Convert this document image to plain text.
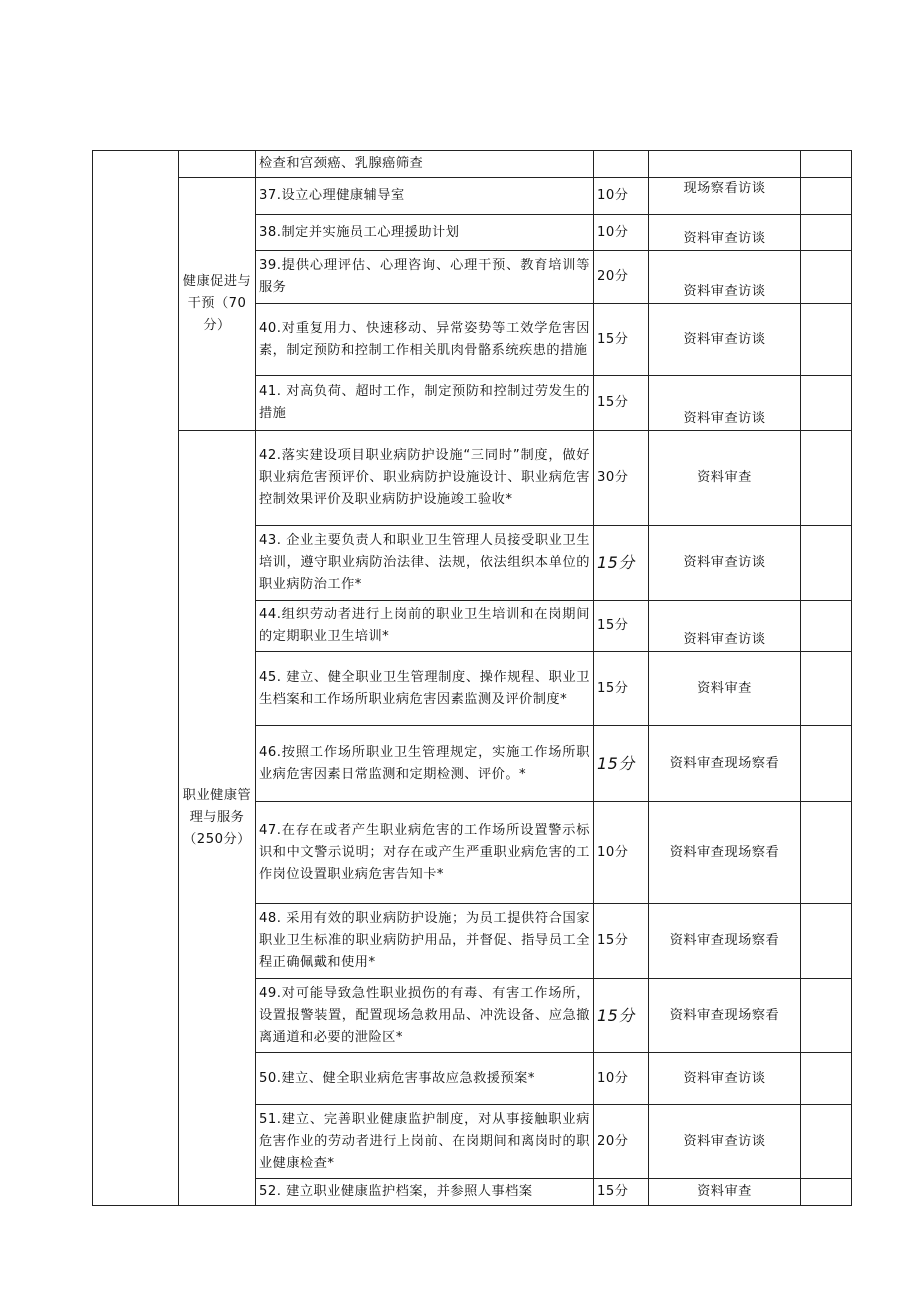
		检查和宫颈癌、乳腺癌筛查			
	健康促进与干预（70分）	37.设立心理健康辅导室	10分	现场察看访谈	
		38.制定并实施员工心理援助计划	10分	资料审查访谈	
		39.提供心理评估、心理咨询、心理干预、教育培训等服务	20分	资料审查访谈	
		40.对重复用力、快速移动、异常姿势等工效学危害因素，制定预防和控制工作相关肌肉骨骼系统疾患的措施	15分	资料审查访谈	
		41. 对高负荷、超时工作，制定预防和控制过劳发生的措施	15分	资料审查访谈	
	职业健康管理与服务（250分）	42.落实建设项目职业病防护设施“三同时”制度，做好职业病危害预评价、职业病防护设施设计、职业病危害控制效果评价及职业病防护设施竣工验收*	30分	资料审查	
		43. 企业主要负责人和职业卫生管理人员接受职业卫生培训，遵守职业病防治法律、法规，依法组织本单位的职业病防治工作*	15分	资料审查访谈	
		44.组织劳动者进行上岗前的职业卫生培训和在岗期间的定期职业卫生培训*	15分	资料审查访谈	
		45. 建立、健全职业卫生管理制度、操作规程、职业卫生档案和工作场所职业病危害因素监测及评价制度*	15分	资料审查	
		46.按照工作场所职业卫生管理规定，实施工作场所职业病危害因素日常监测和定期检测、评价。*	15分	资料审查现场察看	
		47.在存在或者产生职业病危害的工作场所设置警示标识和中文警示说明；对存在或产生严重职业病危害的工作岗位设置职业病危害告知卡*	10分	资料审查现场察看	
		48. 采用有效的职业病防护设施；为员工提供符合国家职业卫生标准的职业病防护用品，并督促、指导员工全程正确佩戴和使用*	15分	资料审查现场察看	
		49.对可能导致急性职业损伤的有毒、有害工作场所，设置报警装置，配置现场急救用品、冲洗设备、应急撤离通道和必要的泄险区*	15分	资料审查现场察看	
		50.建立、健全职业病危害事故应急救援预案*	10分	资料审查访谈	
		51.建立、完善职业健康监护制度，对从事接触职业病危害作业的劳动者进行上岗前、在岗期间和离岗时的职业健康检查*	20分	资料审查访谈	
		52. 建立职业健康监护档案，并参照人事档案	15分	资料审查	
